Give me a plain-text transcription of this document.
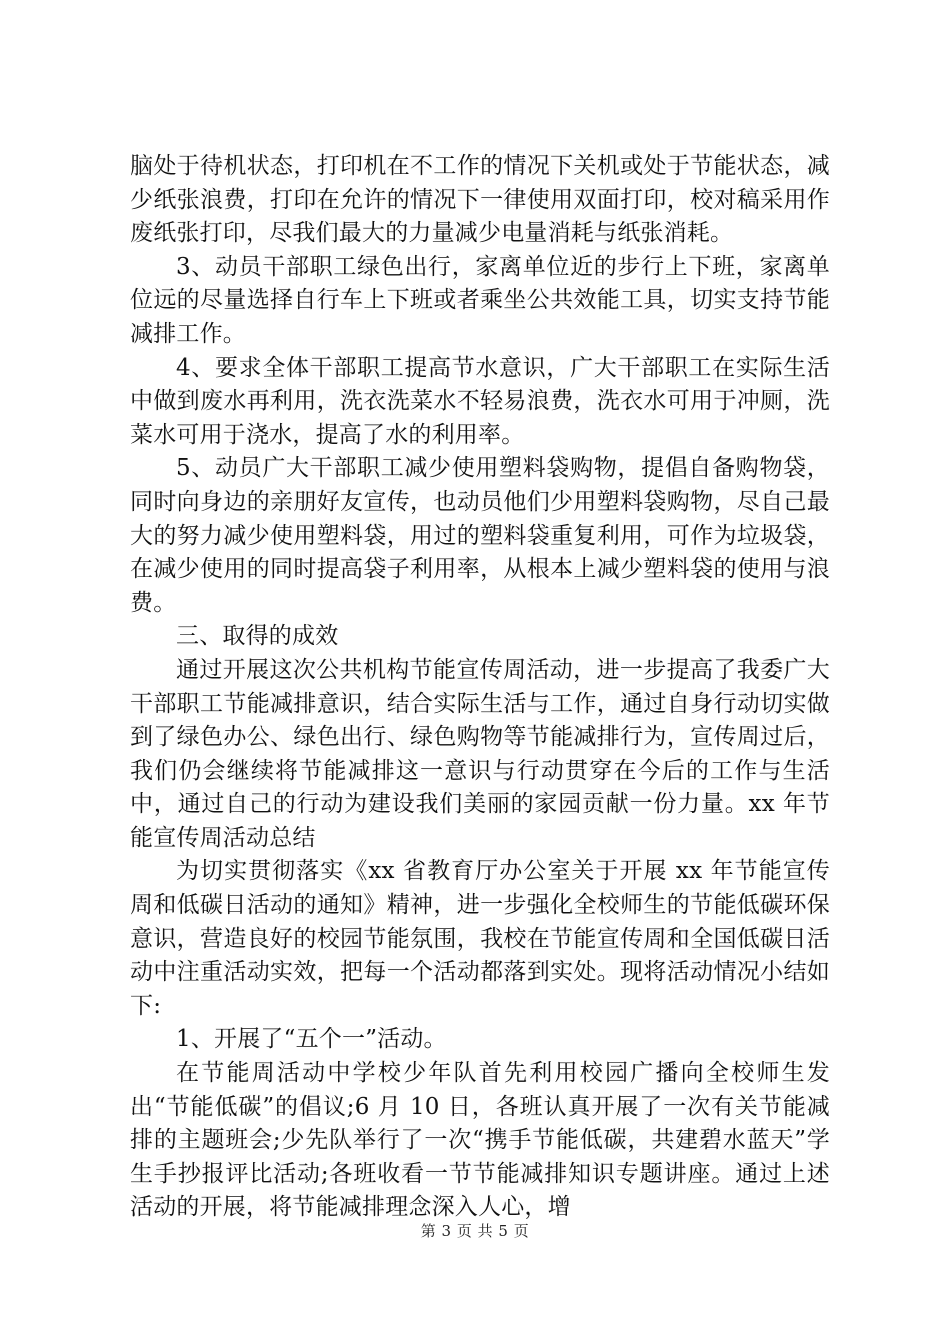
脑处于待机状态，打印机在不工作的情况下关机或处于节能状态，减少纸张浪费，打印在允许的情况下一律使用双面打印，校对稿采用作废纸张打印，尽我们最大的力量减少电量消耗与纸张消耗。

3、动员干部职工绿色出行，家离单位近的步行上下班，家离单位远的尽量选择自行车上下班或者乘坐公共效能工具，切实支持节能减排工作。

4、要求全体干部职工提高节水意识，广大干部职工在实际生活中做到废水再利用，洗衣洗菜水不轻易浪费，洗衣水可用于冲厕，洗菜水可用于浇水，提高了水的利用率。

5、动员广大干部职工减少使用塑料袋购物，提倡自备购物袋，同时向身边的亲朋好友宣传，也动员他们少用塑料袋购物，尽自己最大的努力减少使用塑料袋，用过的塑料袋重复利用，可作为垃圾袋，在减少使用的同时提高袋子利用率，从根本上减少塑料袋的使用与浪费。

三、取得的成效

通过开展这次公共机构节能宣传周活动，进一步提高了我委广大干部职工节能减排意识，结合实际生活与工作，通过自身行动切实做到了绿色办公、绿色出行、绿色购物等节能减排行为，宣传周过后，我们仍会继续将节能减排这一意识与行动贯穿在今后的工作与生活中，通过自己的行动为建设我们美丽的家园贡献一份力量。xx 年节能宣传周活动总结

为切实贯彻落实《xx 省教育厅办公室关于开展 xx 年节能宣传周和低碳日活动的通知》精神，进一步强化全校师生的节能低碳环保意识，营造良好的校园节能氛围，我校在节能宣传周和全国低碳日活动中注重活动实效，把每一个活动都落到实处。现将活动情况小结如下:

1、开展了“五个一”活动。

在节能周活动中学校少年队首先利用校园广播向全校师生发出“节能低碳”的倡议;6 月 10 日，各班认真开展了一次有关节能减排的主题班会;少先队举行了一次“携手节能低碳，共建碧水蓝天”学生手抄报评比活动;各班收看一节节能减排知识专题讲座。通过上述活动的开展，将节能减排理念深入人心，增

第 3 页 共 5 页
